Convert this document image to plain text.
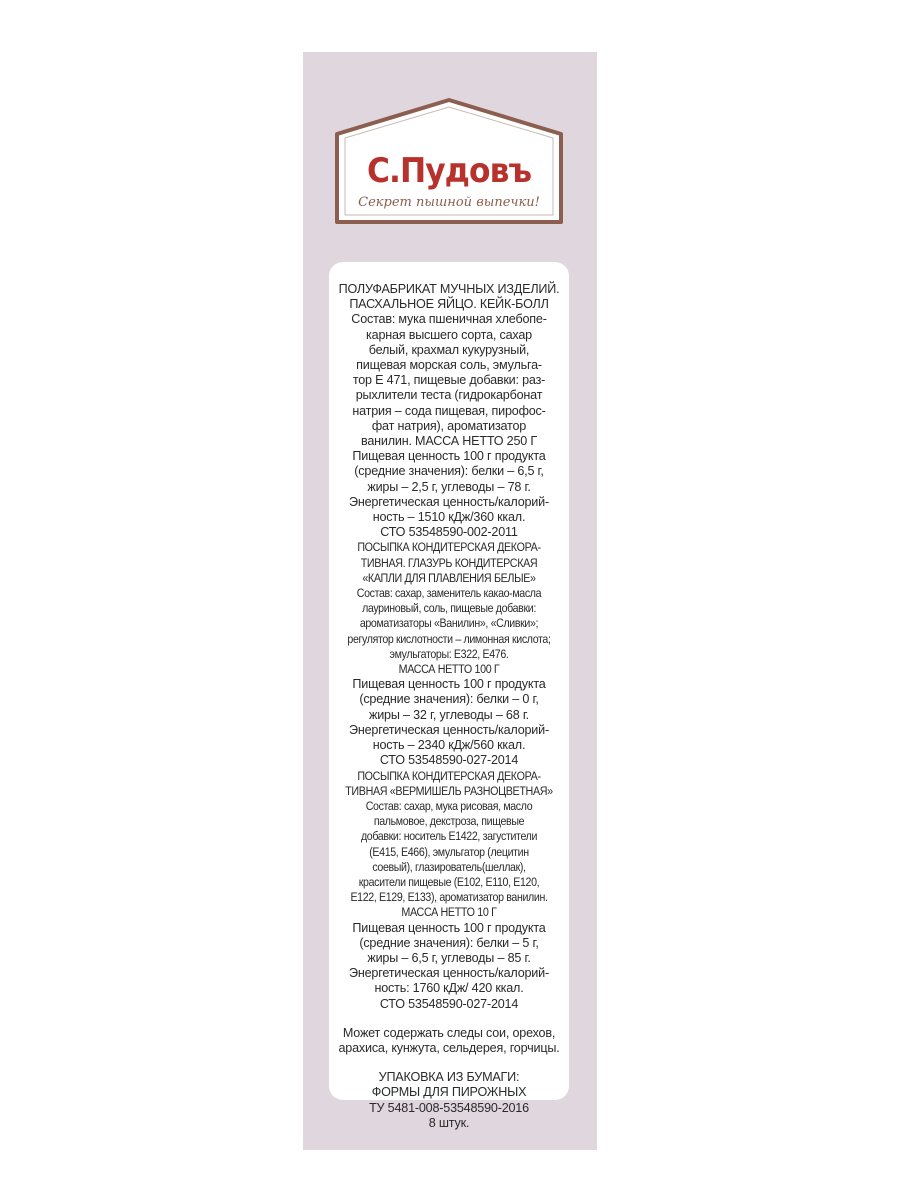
С.Пудовъ
Секрет пышной выпечки!
ПОЛУФАБРИКАТ МУЧНЫХ ИЗДЕЛИЙ.
ПАСХАЛЬНОЕ ЯЙЦО. КЕЙК-БОЛЛ
Состав: мука пшеничная хлебопе-
карная высшего сорта, сахар
белый, крахмал кукурузный,
пищевая морская соль, эмульга-
тор Е 471, пищевые добавки: раз-
рыхлители теста (гидрокарбонат
натрия – сода пищевая, пирофос-
фат натрия), ароматизатор
ванилин. МАССА НЕТТО 250 Г
Пищевая ценность 100 г продукта
(средние значения): белки – 6,5 г,
жиры – 2,5 г, углеводы – 78 г.
Энергетическая ценность/калорий-
ность – 1510 кДж/360 ккал.
СТО 53548590-002-2011
ПОСЫПКА КОНДИТЕРСКАЯ ДЕКОРА-
ТИВНАЯ. ГЛАЗУРЬ КОНДИТЕРСКАЯ
«КАПЛИ ДЛЯ ПЛАВЛЕНИЯ БЕЛЫЕ»
Состав: сахар, заменитель какао-масла
лауриновый, соль, пищевые добавки:
ароматизаторы «Ванилин», «Сливки»;
регулятор кислотности – лимонная кислота;
эмульгаторы: Е322, Е476.
МАССА НЕТТО 100 Г
Пищевая ценность 100 г продукта
(средние значения): белки – 0 г,
жиры – 32 г, углеводы – 68 г.
Энергетическая ценность/калорий-
ность – 2340 кДж/560 ккал.
СТО 53548590-027-2014
ПОСЫПКА КОНДИТЕРСКАЯ ДЕКОРА-
ТИВНАЯ «ВЕРМИШЕЛЬ РАЗНОЦВЕТНАЯ»
Состав: сахар, мука рисовая, масло
пальмовое, декстроза, пищевые
добавки: носитель Е1422, загустители
(Е415, Е466), эмульгатор (лецитин
соевый), глазирователь(шеллак),
красители пищевые (Е102, Е110, Е120,
Е122, Е129, Е133), ароматизатор ванилин.
МАССА НЕТТО 10 Г
Пищевая ценность 100 г продукта
(средние значения): белки – 5 г,
жиры – 6,5 г, углеводы – 85 г.
Энергетическая ценность/калорий-
ность: 1760 кДж/ 420 ккал.
СТО 53548590-027-2014
Может содержать следы сои, орехов,
арахиса, кунжута, сельдерея, горчицы.
УПАКОВКА ИЗ БУМАГИ:
ФОРМЫ ДЛЯ ПИРОЖНЫХ
ТУ 5481-008-53548590-2016
8 штук.
